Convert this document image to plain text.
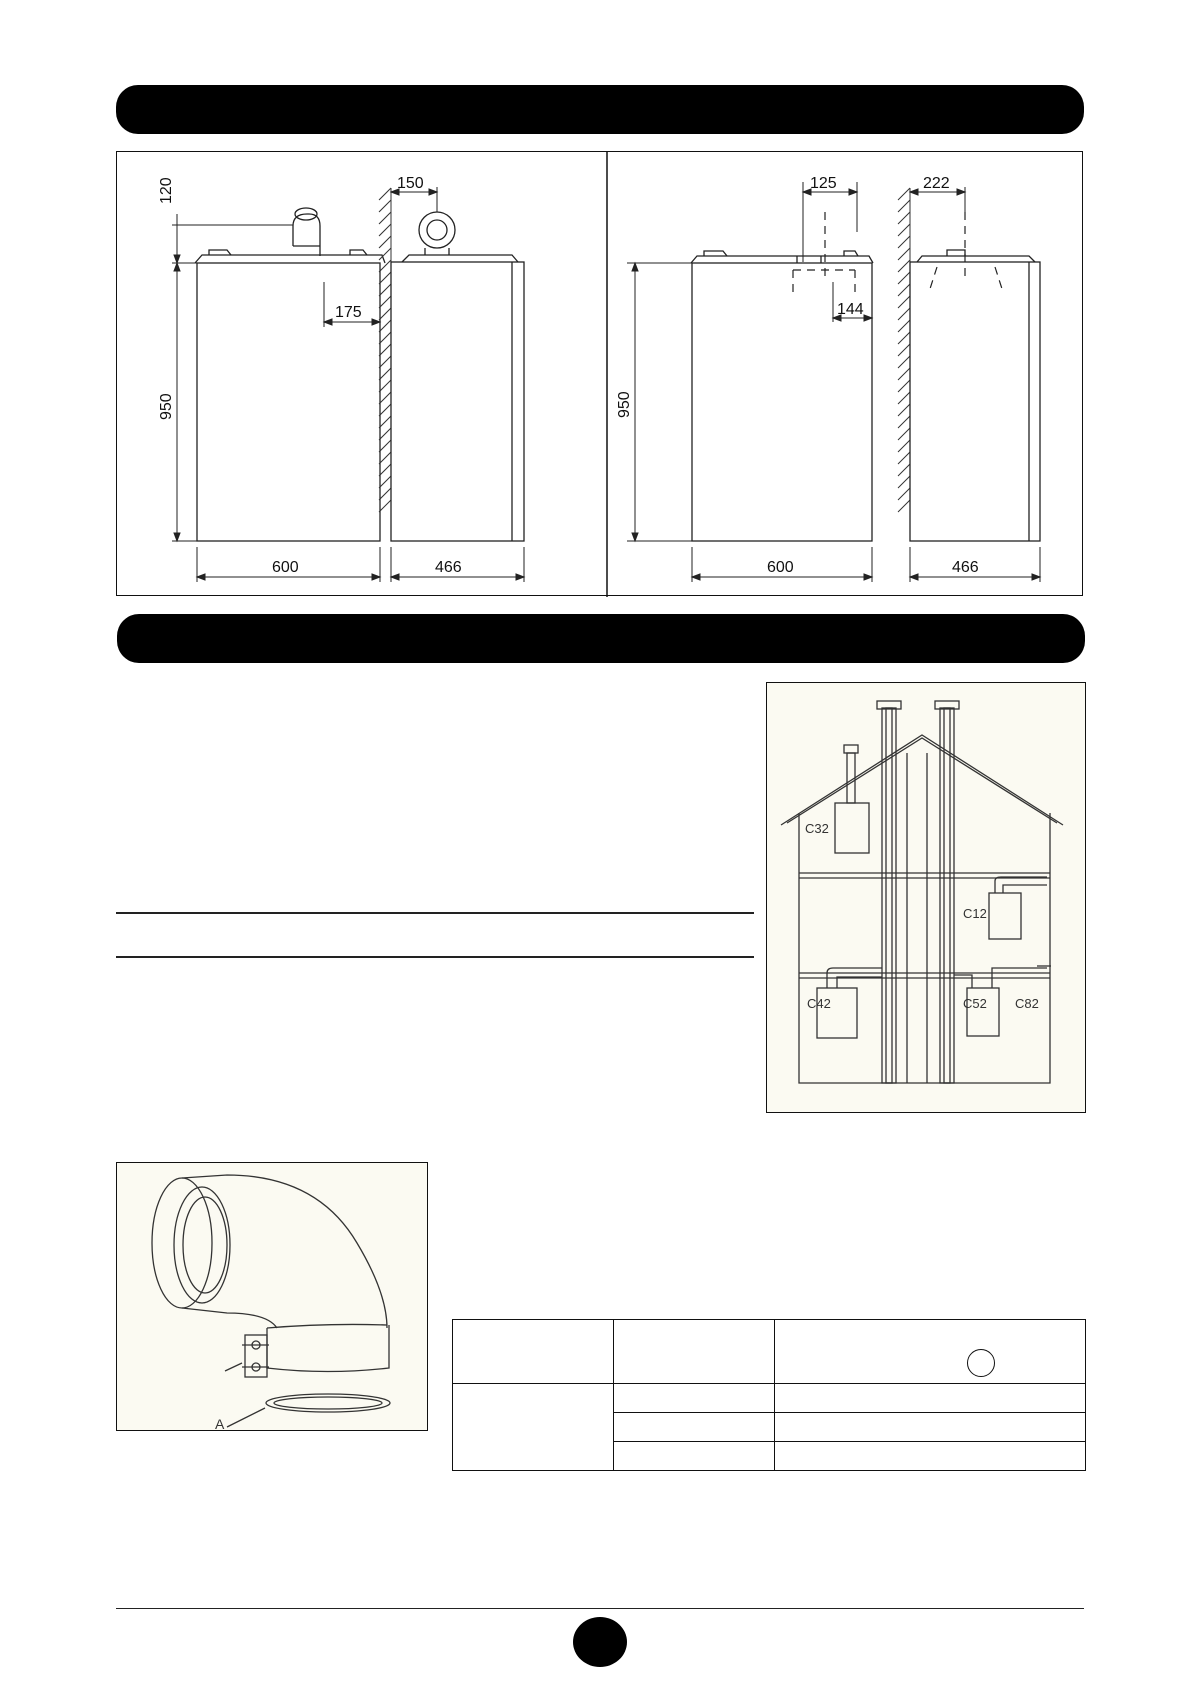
120
950
175
600
150
466
125
144
950
600
222
466
C32
C12
C42	C52 C82
A
